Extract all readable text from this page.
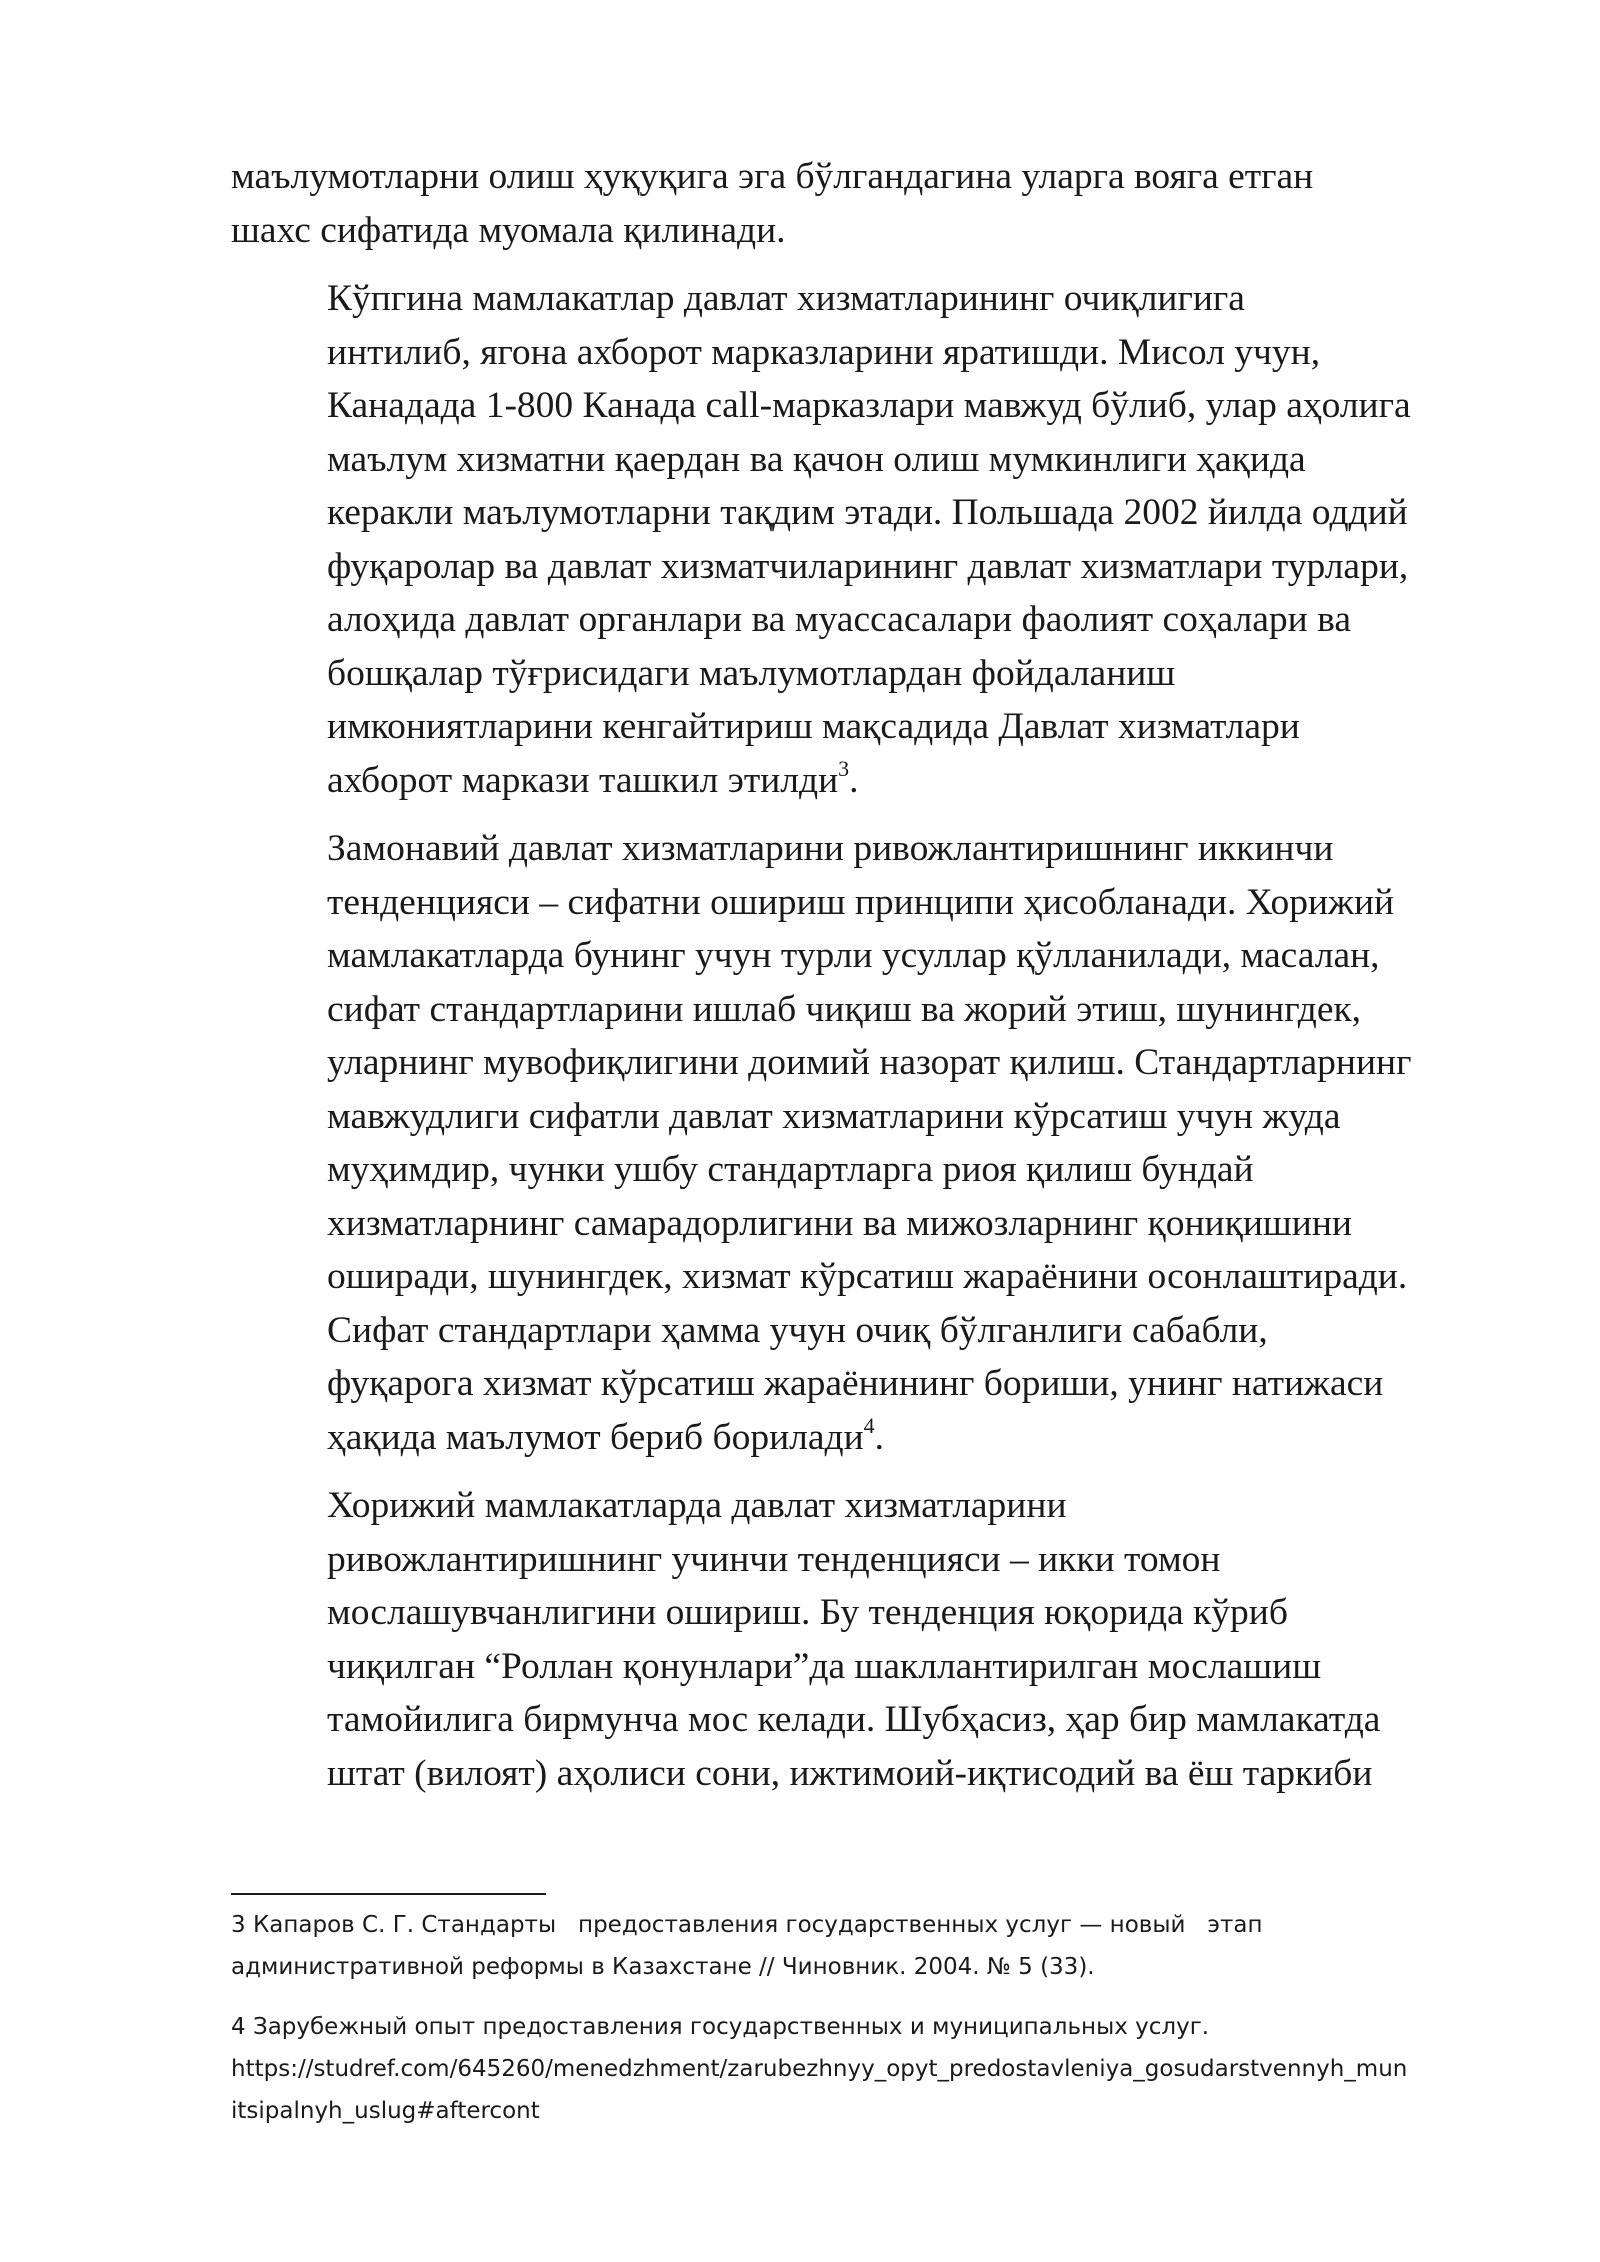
маълумотларни олиш ҳуқуқига эга бўлгандагина уларга вояга етган
шахс сифатида муомала қилинади.

Кўпгина мамлакатлар давлат хизматларининг очиқлигига
интилиб, ягона ахборот марказларини яратишди. Мисол учун,
Канадада 1-800 Канада call-марказлари мавжуд бўлиб, улар аҳолига
маълум хизматни қаердан ва қачон олиш мумкинлиги ҳақида
керакли маълумотларни тақдим этади. Польшада 2002 йилда оддий
фуқаролар ва давлат хизматчиларининг давлат хизматлари турлари,
алоҳида давлат органлари ва муассасалари фаолият соҳалари ва
бошқалар тўғрисидаги маълумотлардан фойдаланиш
имкониятларини кенгайтириш мақсадида Давлат хизматлари
ахборот маркази ташкил этилди$^3$.

Замонавий давлат хизматларини ривожлантиришнинг иккинчи
тенденцияси – сифатни ошириш принципи ҳисобланади. Хорижий
мамлакатларда бунинг учун турли усуллар қўлланилади, масалан,
сифат стандартларини ишлаб чиқиш ва жорий этиш, шунингдек,
уларнинг мувофиқлигини доимий назорат қилиш. Стандартларнинг
мавжудлиги сифатли давлат хизматларини кўрсатиш учун жуда
муҳимдир, чунки ушбу стандартларга риоя қилиш бундай
хизматларнинг самарадорлигини ва мижозларнинг қониқишини
оширади, шунингдек, хизмат кўрсатиш жараёнини осонлаштиради.
Сифат стандартлари ҳамма учун очиқ бўлганлиги сабабли,
фуқарога хизмат кўрсатиш жараёнининг бориши, унинг натижаси
ҳақида маълумот бериб борилади$^4$.

Хорижий мамлакатларда давлат хизматларини
ривожлантиришнинг учинчи тенденцияси – икки томон
мослашувчанлигини ошириш. Бу тенденция юқорида кўриб
чиқилган “Роллан қонунлари”да шакллантирилган мослашиш
тамойилига бирмунча мос келади. Шубҳасиз, ҳар бир мамлакатда
штат (вилоят) аҳолиси сони, ижтимоий-иқтисодий ва ёш таркиби

3 Капаров С. Г. Стандарты   предоставления государственных услуг — новый   этап
административной реформы в Казахстане // Чиновник. 2004. № 5 (33).
4 Зарубежный опыт предоставления государственных и муниципальных услуг.
https://studref.com/645260/menedzhment/zarubezhnyy_opyt_predostavleniya_gosudarstvennyh_mun
itsipalnyh_uslug#aftercont
